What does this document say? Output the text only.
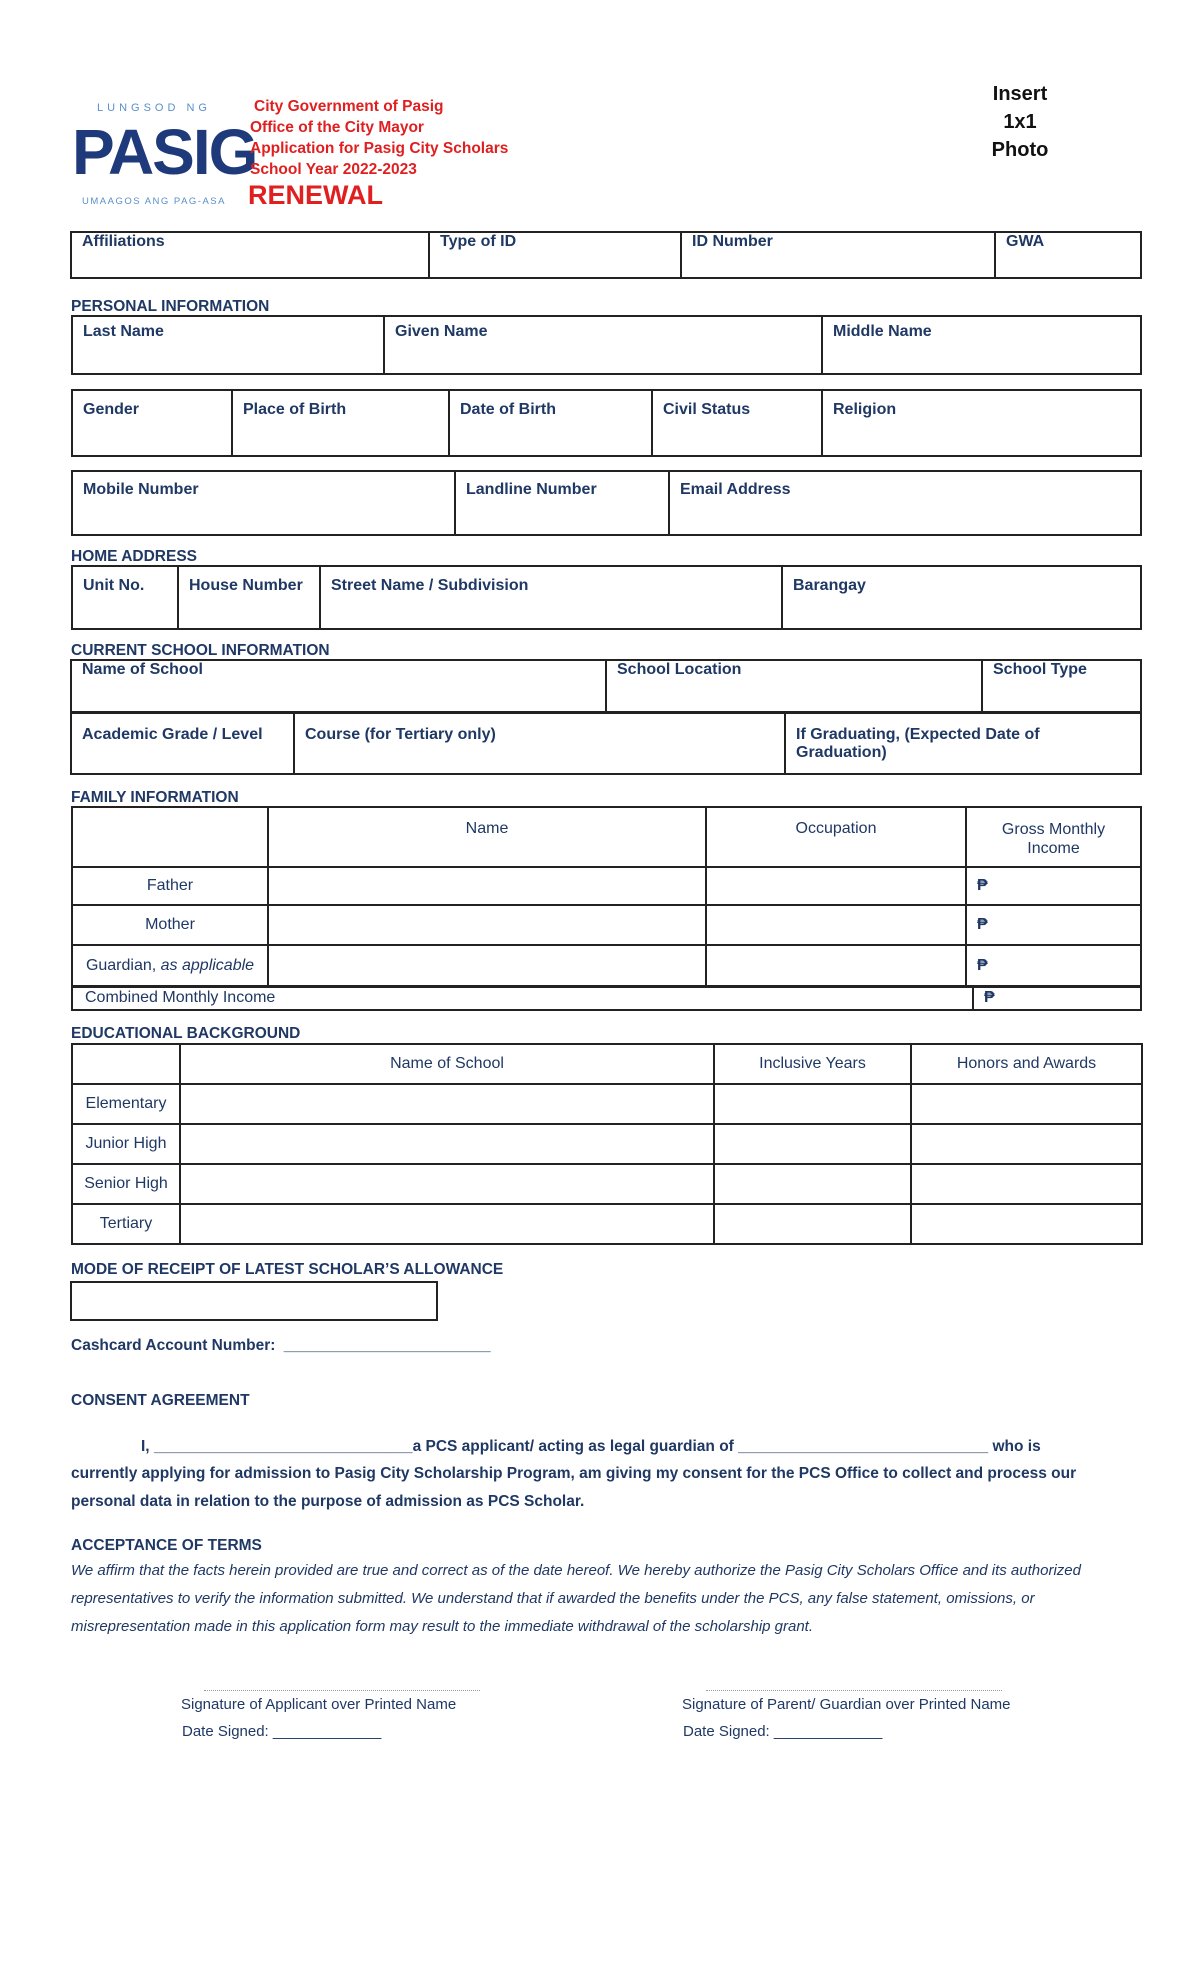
LUNGSOD NG
PASIG
UMAAGOS ANG PAG-ASA
City Government of Pasig
Office of the City Mayor
Application for Pasig City Scholars
School Year 2022-2023
RENEWAL
Insert
1x1
Photo
Affiliations	Type of ID	ID Number	GWA
PERSONAL INFORMATION
Last Name	Given Name	Middle Name
Gender	Place of Birth	Date of Birth	Civil Status	Religion
Mobile Number	Landline Number	Email Address
HOME ADDRESS
Unit No.	House Number	Street Name / Subdivision	Barangay
CURRENT SCHOOL INFORMATION
Name of School	School Location	School Type
Academic Grade / Level	Course (for Tertiary only)	If Graduating, (Expected Date of Graduation)
FAMILY INFORMATION
	Name	Occupation	Gross Monthly Income
Father			₱
Mother			₱
Guardian, as applicable			₱
Combined Monthly Income	₱
EDUCATIONAL BACKGROUND
	Name of School	Inclusive Years	Honors and Awards
Elementary			
Junior High			
Senior High			
Tertiary			
MODE OF RECEIPT OF LATEST SCHOLAR’S ALLOWANCE
Cashcard Account Number: ________________________
CONSENT AGREEMENT
I, ______________________________a PCS applicant/ acting as legal guardian of _____________________________ who is
currently applying for admission to Pasig City Scholarship Program, am giving my consent for the PCS Office to collect and process our
personal data in relation to the purpose of admission as PCS Scholar.
ACCEPTANCE OF TERMS
We affirm that the facts herein provided are true and correct as of the date hereof. We hereby authorize the Pasig City Scholars Office and its authorized
representatives to verify the information submitted. We understand that if awarded the benefits under the PCS, any false statement, omissions, or
misrepresentation made in this application form may result to the immediate withdrawal of the scholarship grant.
Signature of Applicant over Printed Name	Signature of Parent/ Guardian over Printed Name
Date Signed: _____________	Date Signed: _____________
